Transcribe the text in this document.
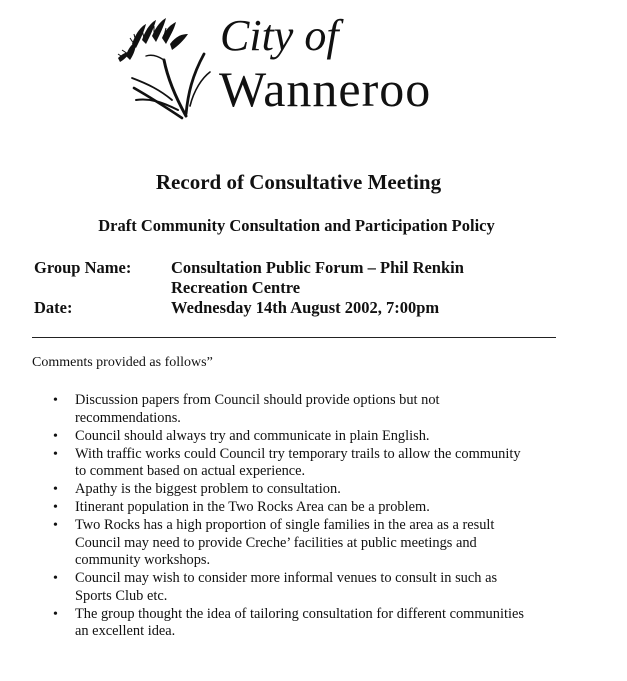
City of
Wanneroo
Record of Consultative Meeting
Draft Community Consultation and Participation Policy
Group Name: Consultation Public Forum – Phil Renkin
Recreation Centre
Date:	Wednesday 14th August 2002, 7:00pm
Comments provided as follows”
•	Discussion papers from Council should provide options but not
recommendations.
•	Council should always try and communicate in plain English.
•	With traffic works could Council try temporary trails to allow the community
to comment based on actual experience.
•	Apathy is the biggest problem to consultation.
•	Itinerant population in the Two Rocks Area can be a problem.
•	Two Rocks has a high proportion of single families in the area as a result
Council may need to provide Creche’ facilities at public meetings and
community workshops.
•	Council may wish to consider more informal venues to consult in such as
Sports Club etc.
•	The group thought the idea of tailoring consultation for different communities
an excellent idea.
